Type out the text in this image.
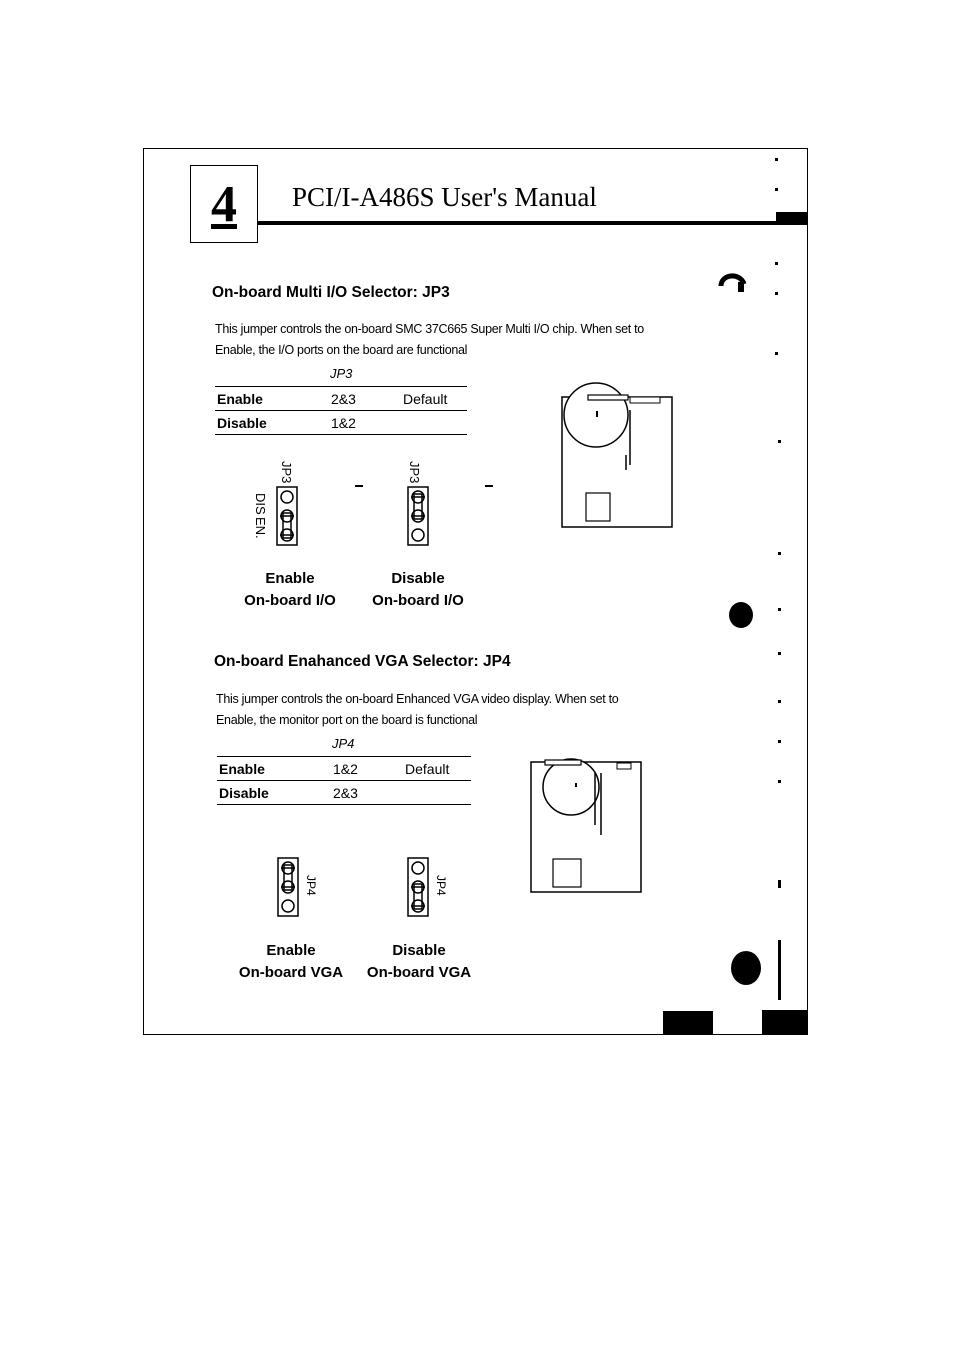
4 PCI/I-A486S User's Manual
On-board Multi I/O Selector: JP3
This jumper controls the on-board SMC 37C665 Super Multi I/O chip. When set to
Enable, the I/O ports on the board are functional
JP3
Enable	2&3	Default
Disable	1&2	
JP3
DIS
EN.
JP3
Enable
On-board I/O
Disable
On-board I/O
On-board Enahanced VGA Selector: JP4
This jumper controls the on-board Enhanced VGA video display. When set to
Enable, the monitor port on the board is functional
JP4
Enable	1&2	Default
Disable	2&3	
JP4	JP4
Enable
On-board VGA
Disable
On-board VGA
